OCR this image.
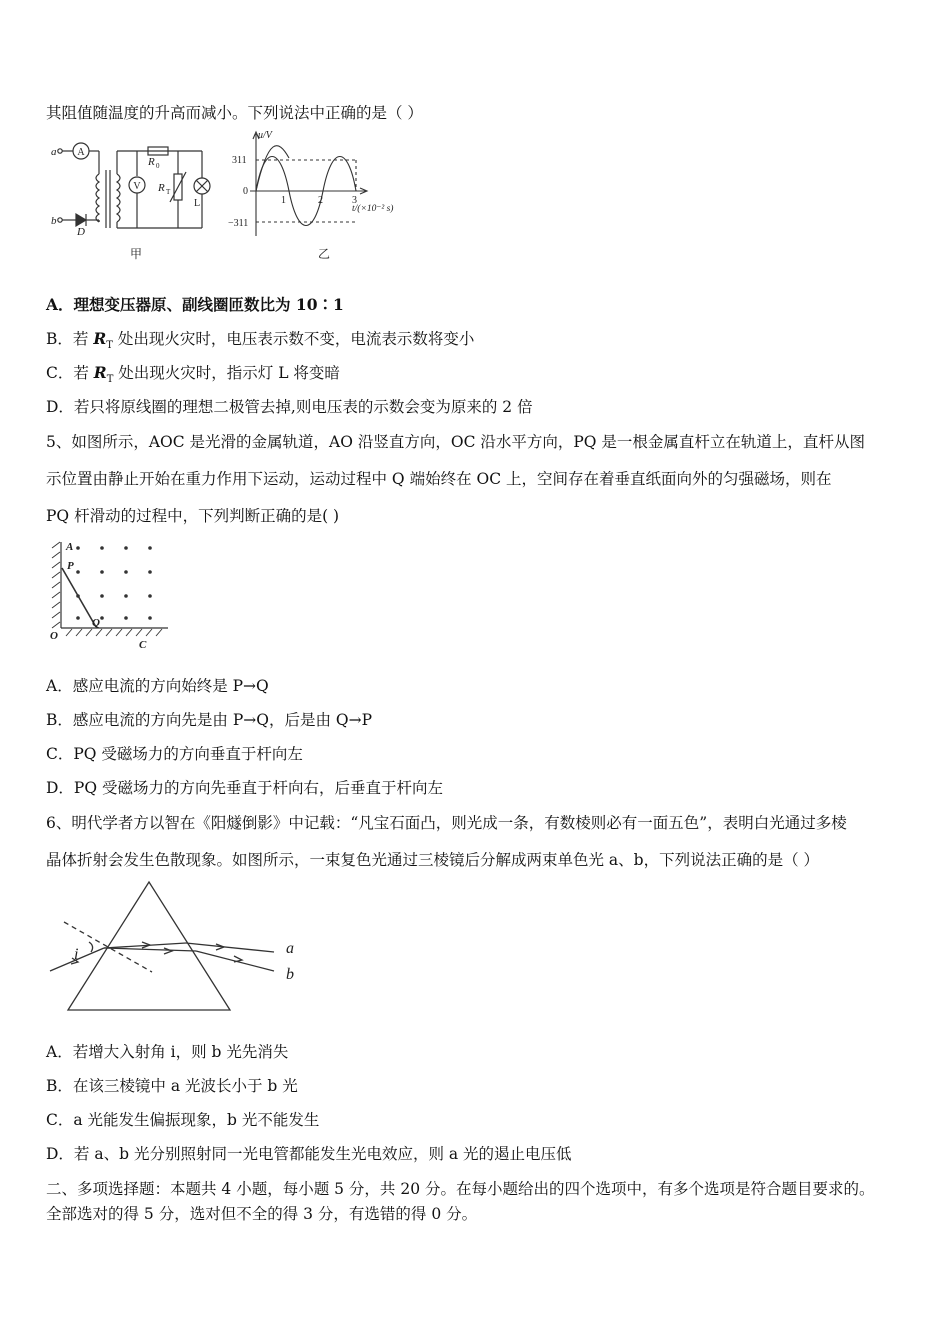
其阻值随温度的升高而减小。下列说法中正确的是（ ）
a
b
D
R 0
R T
A
V
L
甲
u/V
311
0
−311
1	2	3
t/(×10⁻² s)
乙
A．理想变压器原、副线圈匝数比为 10∶1
B．若 $R_T$ 处出现火灾时，电压表示数不变，电流表示数将变小
C．若 $R_T$ 处出现火灾时，指示灯 L 将变暗
D．若只将原线圈的理想二极管去掉,则电压表的示数会变为原来的 2 倍
5、如图所示，AOC 是光滑的金属轨道，AO 沿竖直方向，OC 沿水平方向，PQ 是一根金属直杆立在轨道上，直杆从图
示位置由静止开始在重力作用下运动，运动过程中 Q 端始终在 OC 上，空间存在着垂直纸面向外的匀强磁场，则在
PQ 杆滑动的过程中，下列判断正确的是( )
A
P
Q
O
C
A．感应电流的方向始终是 P→Q
B．感应电流的方向先是由 P→Q，后是由 Q→P
C．PQ 受磁场力的方向垂直于杆向左
D．PQ 受磁场力的方向先垂直于杆向右，后垂直于杆向左
6、明代学者方以智在《阳燧倒影》中记载：“凡宝石面凸，则光成一条，有数棱则必有一面五色”，表明白光通过多棱
晶体折射会发生色散现象。如图所示，一束复色光通过三棱镜后分解成两束单色光 a、b，下列说法正确的是（ ）
i	a
b
A．若增大入射角 i，则 b 光先消失
B．在该三棱镜中 a 光波长小于 b 光
C．a 光能发生偏振现象，b 光不能发生
D．若 a、b 光分别照射同一光电管都能发生光电效应，则 a 光的遏止电压低
二、多项选择题：本题共 4 小题，每小题 5 分，共 20 分。在每小题给出的四个选项中，有多个选项是符合题目要求的。
全部选对的得 5 分，选对但不全的得 3 分，有选错的得 0 分。
